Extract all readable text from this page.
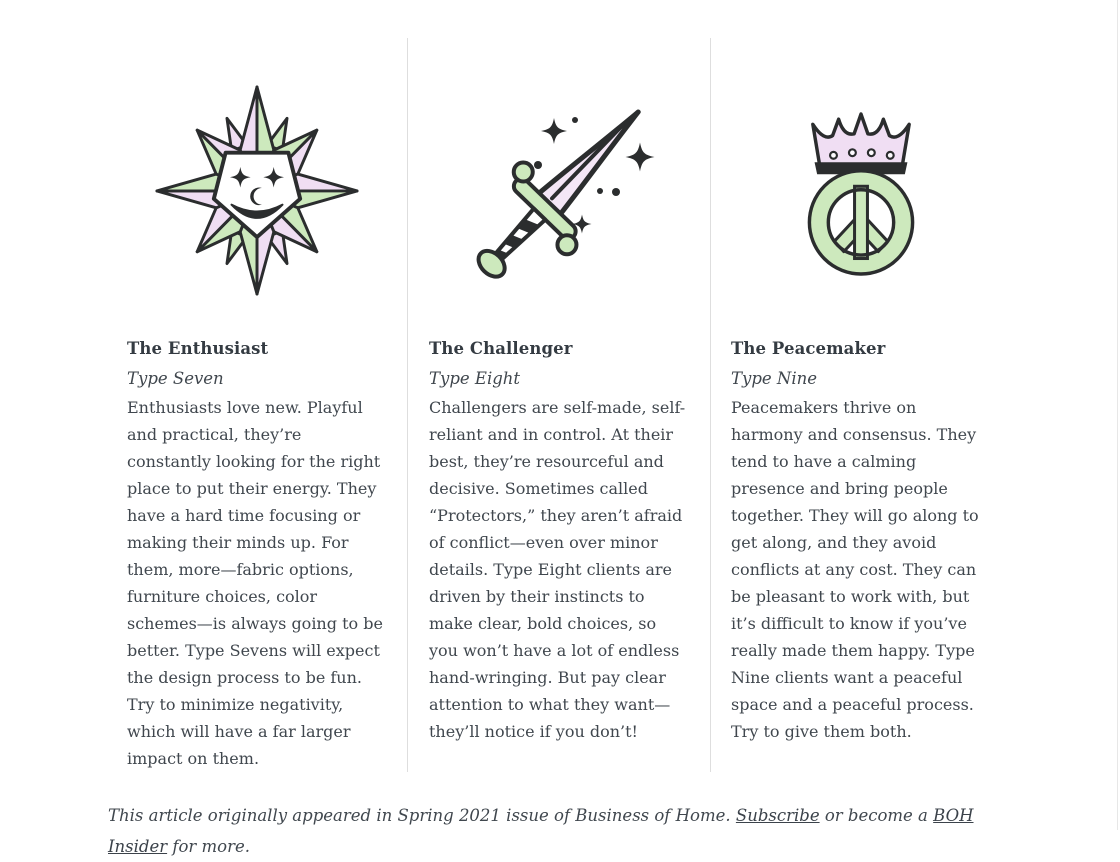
The Enthusiast

Type Seven

Enthusiasts love new. Playful and practical, they’re constantly looking for the right place to put their energy. They have a hard time focusing or making their minds up. For them, more—fabric options, furniture choices, color schemes—is always going to be better. Type Sevens will expect the design process to be fun. Try to minimize negativity, which will have a far larger impact on them.

The Challenger

Type Eight

Challengers are self-made, self-reliant and in control. At their best, they’re resourceful and decisive. Sometimes called “Protectors,” they aren’t afraid of conflict—even over minor details. Type Eight clients are driven by their instincts to make clear, bold choices, so you won’t have a lot of endless hand-wringing. But pay clear attention to what they want—they’ll notice if you don’t!

The Peacemaker

Type Nine

Peacemakers thrive on harmony and consensus. They tend to have a calming presence and bring people together. They will go along to get along, and they avoid conflicts at any cost. They can be pleasant to work with, but it’s difficult to know if you’ve really made them happy. Type Nine clients want a peaceful space and a peaceful process. Try to give them both.

This article originally appeared in Spring 2021 issue of Business of Home. Subscribe or become a BOH Insider for more.
